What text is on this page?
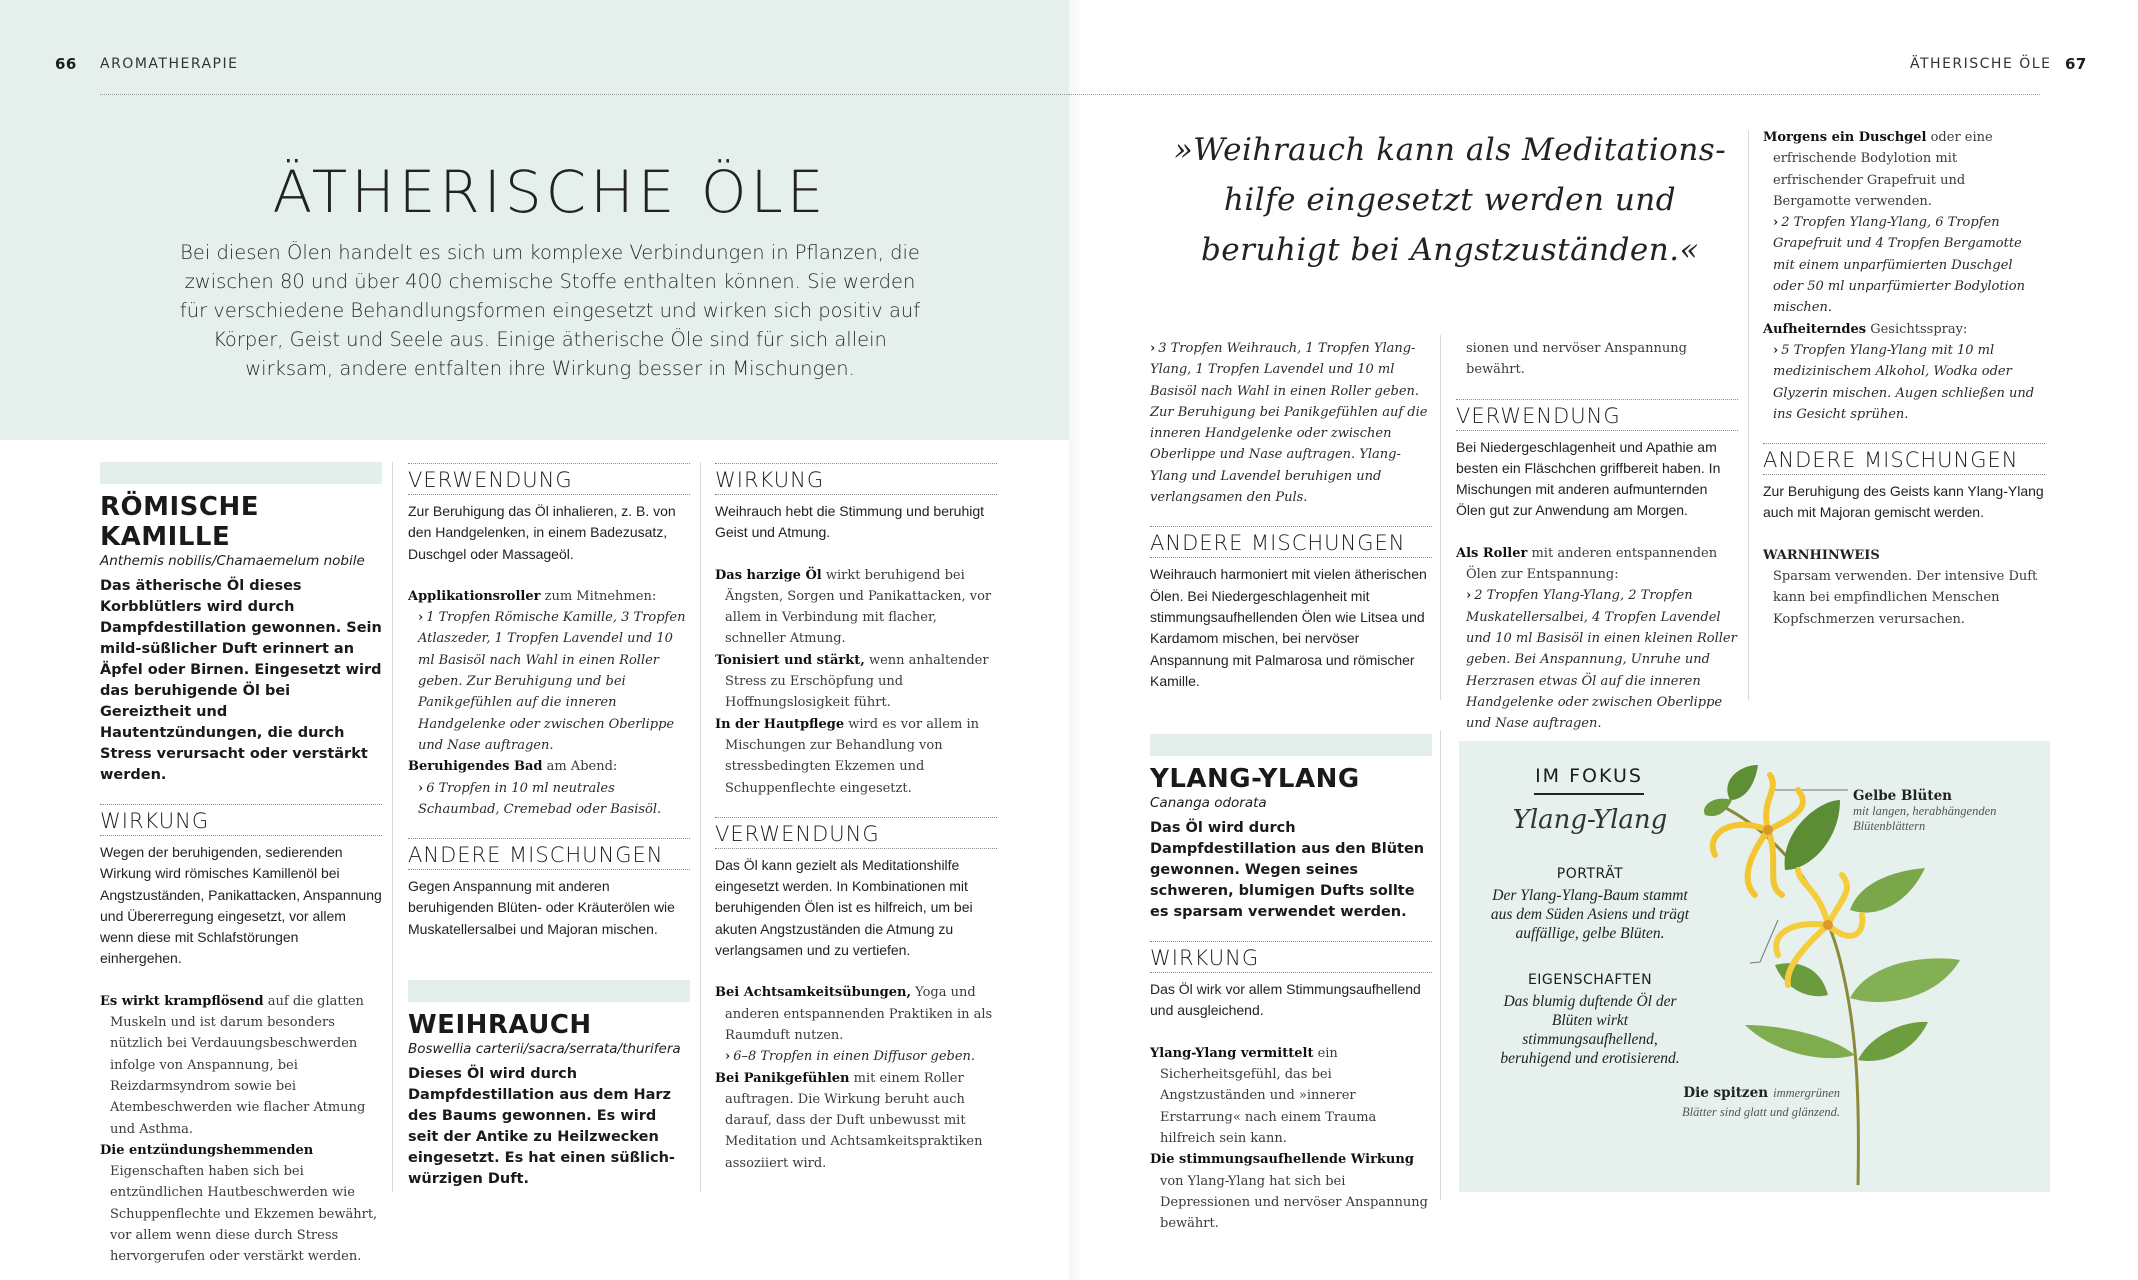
66 AROMATHERAPIE	ÄTHERISCHE ÖLE 67
ÄTHERISCHE ÖLE
Bei diesen Ölen handelt es sich um komplexe Verbindungen in Pflanzen, die zwischen 80 und über 400 chemische Stoffe enthalten können. Sie werden für verschiedene Behandlungsformen eingesetzt und wirken sich positiv auf Körper, Geist und Seele aus. Einige ätherische Öle sind für sich allein wirksam, andere entfalten ihre Wirkung besser in Mischungen.
RÖMISCHE KAMILLE
Anthemis nobilis/Chamaemelum nobile
Das ätherische Öl dieses Korbblütlers wird durch Dampfdestillation gewonnen. Sein mild-süßlicher Duft erinnert an Äpfel oder Birnen. Eingesetzt wird das beruhigende Öl bei Gereiztheit und Hautentzündungen, die durch Stress verursacht oder verstärkt werden.
WIRKUNG

Wegen der beruhigenden, sedierenden Wirkung wird römisches Kamillenöl bei Angstzuständen, Panikattacken, Anspannung und Übererregung eingesetzt, vor allem wenn diese mit Schlafstörungen einhergehen.

Es wirkt krampflösend auf die glatten Muskeln und ist darum besonders nützlich bei Verdauungsbeschwerden infolge von Anspannung, bei Reizdarmsyndrom sowie bei Atembeschwerden wie flacher Atmung und Asthma.

Die entzündungshemmenden Eigenschaften haben sich bei entzündlichen Hautbeschwerden wie Schuppenflechte und Ekzemen bewährt, vor allem wenn diese durch Stress hervorgerufen oder verstärkt werden.

VERWENDUNG

Zur Beruhigung das Öl inhalieren, z. B. von den Handgelenken, in einem Badezusatz, Duschgel oder Massageöl.

Applikationsroller zum Mitnehmen:

› 1 Tropfen Römische Kamille, 3 Tropfen Atlaszeder, 1 Tropfen Lavendel und 10 ml Basisöl nach Wahl in einen Roller geben. Zur Beruhigung und bei Panikgefühlen auf die inneren Handgelenke oder zwischen Oberlippe und Nase auftragen.

Beruhigendes Bad am Abend:

› 6 Tropfen in 10 ml neutrales Schaumbad, Cremebad oder Basisöl.

ANDERE MISCHUNGEN

Gegen Anspannung mit anderen beruhigenden Blüten- oder Kräuterölen wie Muskatellersalbei und Majoran mischen.

WEIHRAUCH
Boswellia carterii/sacra/serrata/thurifera
Dieses Öl wird durch Dampfdestillation aus dem Harz des Baums gewonnen. Es wird seit der Antike zu Heilzwecken eingesetzt. Es hat einen süßlich-würzigen Duft.
WIRKUNG

Weihrauch hebt die Stimmung und beruhigt Geist und Atmung.

Das harzige Öl wirkt beruhigend bei Ängsten, Sorgen und Panikattacken, vor allem in Verbindung mit flacher, schneller Atmung.

Tonisiert und stärkt, wenn anhaltender Stress zu Erschöpfung und Hoffnungslosigkeit führt.

In der Hautpflege wird es vor allem in Mischungen zur Behandlung von stressbedingten Ekzemen und Schuppenflechte eingesetzt.

VERWENDUNG

Das Öl kann gezielt als Meditationshilfe eingesetzt werden. In Kombinationen mit beruhigenden Ölen ist es hilfreich, um bei akuten Angstzuständen die Atmung zu verlangsamen und zu vertiefen.

Bei Achtsamkeitsübungen, Yoga und anderen entspannenden Praktiken in als Raumduft nutzen.

› 6–8 Tropfen in einen Diffusor geben.

Bei Panikgefühlen mit einem Roller auftragen. Die Wirkung beruht auch darauf, dass der Duft unbewusst mit Meditation und Achtsamkeitspraktiken assoziiert wird.

»Weihrauch kann als Meditations-hilfe eingesetzt werden und beruhigt bei Angstzuständen.«

› 3 Tropfen Weihrauch, 1 Tropfen Ylang-Ylang, 1 Tropfen Lavendel und 10 ml Basisöl nach Wahl in einen Roller geben. Zur Beruhigung bei Panikgefühlen auf die inneren Handgelenke oder zwischen Oberlippe und Nase auftragen. Ylang-Ylang und Lavendel beruhigen und verlangsamen den Puls.

ANDERE MISCHUNGEN

Weihrauch harmoniert mit vielen ätherischen Ölen. Bei Niedergeschlagenheit mit stimmungsaufhellenden Ölen wie Litsea und Kardamom mischen, bei nervöser Anspannung mit Palmarosa und römischer Kamille.

YLANG-YLANG
Cananga odorata
Das Öl wird durch Dampfdestillation aus den Blüten gewonnen. Wegen seines schweren, blumigen Dufts sollte es sparsam verwendet werden.
WIRKUNG

Das Öl wirk vor allem Stimmungsaufhellend und ausgleichend.

Ylang-Ylang vermittelt ein Sicherheitsgefühl, das bei Angstzuständen und »innerer Erstarrung« nach einem Trauma hilfreich sein kann.

Die stimmungsaufhellende Wirkung von Ylang-Ylang hat sich bei Depressionen und nervöser Anspannung bewährt.

sionen und nervöser Anspannung bewährt.

VERWENDUNG

Bei Niedergeschlagenheit und Apathie am besten ein Fläschchen griffbereit haben. In Mischungen mit anderen aufmunternden Ölen gut zur Anwendung am Morgen.

Als Roller mit anderen entspannenden Ölen zur Entspannung:

› 2 Tropfen Ylang-Ylang, 2 Tropfen Muskatellersalbei, 4 Tropfen Lavendel und 10 ml Basisöl in einen kleinen Roller geben. Bei Anspannung, Unruhe und Herzrasen etwas Öl auf die inneren Handgelenke oder zwischen Oberlippe und Nase auftragen.

Morgens ein Duschgel oder eine erfrischende Bodylotion mit erfrischender Grapefruit und Bergamotte verwenden.

› 2 Tropfen Ylang-Ylang, 6 Tropfen Grapefruit und 4 Tropfen Bergamotte mit einem unparfümierten Duschgel oder 50 ml unparfümierter Bodylotion mischen.

Aufheiterndes Gesichtsspray:

› 5 Tropfen Ylang-Ylang mit 10 ml medizinischem Alkohol, Wodka oder Glyzerin mischen. Augen schließen und ins Gesicht sprühen.

ANDERE MISCHUNGEN

Zur Beruhigung des Geists kann Ylang-Ylang auch mit Majoran gemischt werden.

WARNHINWEIS

Sparsam verwenden. Der intensive Duft kann bei empfindlichen Menschen Kopfschmerzen verursachen.

IM FOKUS
Ylang-Ylang
PORTRÄT
Der Ylang-Ylang-Baum stammt aus dem Süden Asiens und trägt auffällige, gelbe Blüten.
EIGENSCHAFTEN
Das blumig duftende Öl der Blüten wirkt stimmungsaufhellend, beruhigend und erotisierend.
Gelbe Blüten
mit langen, herabhängenden Blütenblättern
Die spitzen immergrünen Blätter sind glatt und glänzend.
